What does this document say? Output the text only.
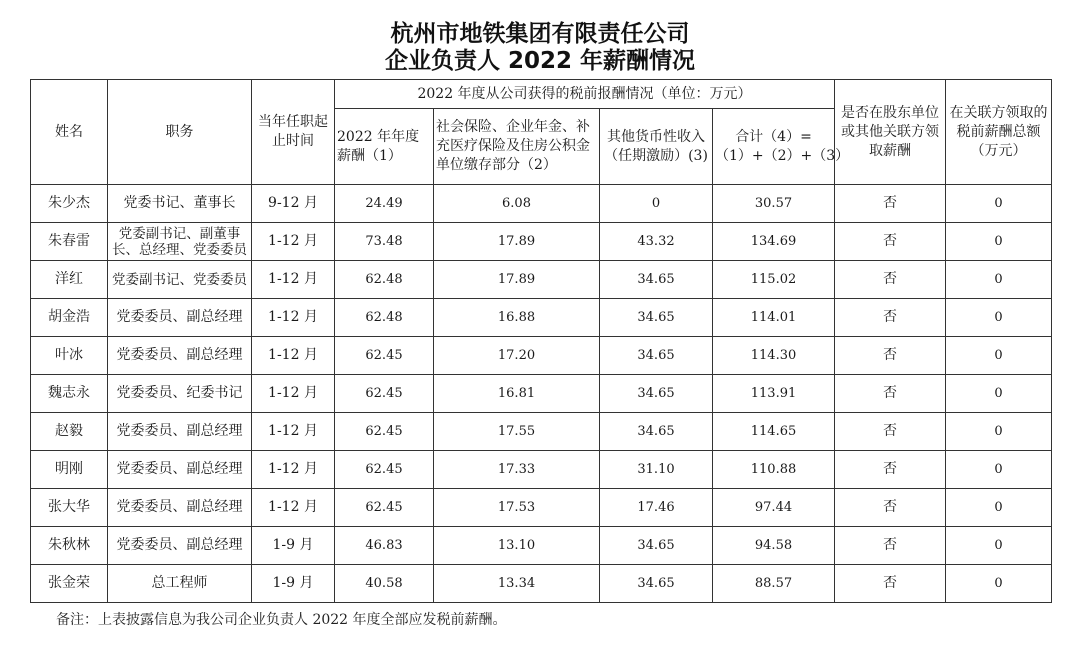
杭州市地铁集团有限责任公司
企业负责人 2022 年薪酬情况
姓名	职务	当年任职起止时间	2022 年度从公司获得的税前报酬情况（单位：万元）				是否在股东单位或其他关联方领取薪酬	在关联方领取的税前薪酬总额（万元）
			2022 年年度薪酬（1）	社会保险、企业年金、补充医疗保险及住房公积金单位缴存部分（2）	其他货币性收入（任期激励）(3)	合计（4）=（1）+（2）+（3）		
朱少杰	党委书记、董事长	9-12 月	24.49	6.08	0	30.57	否	0
朱春雷	党委副书记、副董事长、总经理、党委委员	1-12 月	73.48	17.89	43.32	134.69	否	0
洋红	党委副书记、党委委员	1-12 月	62.48	17.89	34.65	115.02	否	0
胡金浩	党委委员、副总经理	1-12 月	62.48	16.88	34.65	114.01	否	0
叶冰	党委委员、副总经理	1-12 月	62.45	17.20	34.65	114.30	否	0
魏志永	党委委员、纪委书记	1-12 月	62.45	16.81	34.65	113.91	否	0
赵毅	党委委员、副总经理	1-12 月	62.45	17.55	34.65	114.65	否	0
明刚	党委委员、副总经理	1-12 月	62.45	17.33	31.10	110.88	否	0
张大华	党委委员、副总经理	1-12 月	62.45	17.53	17.46	97.44	否	0
朱秋林	党委委员、副总经理	1-9 月	46.83	13.10	34.65	94.58	否	0
张金荣	总工程师	1-9 月	40.58	13.34	34.65	88.57	否	0
备注：上表披露信息为我公司企业负责人 2022 年度全部应发税前薪酬。
